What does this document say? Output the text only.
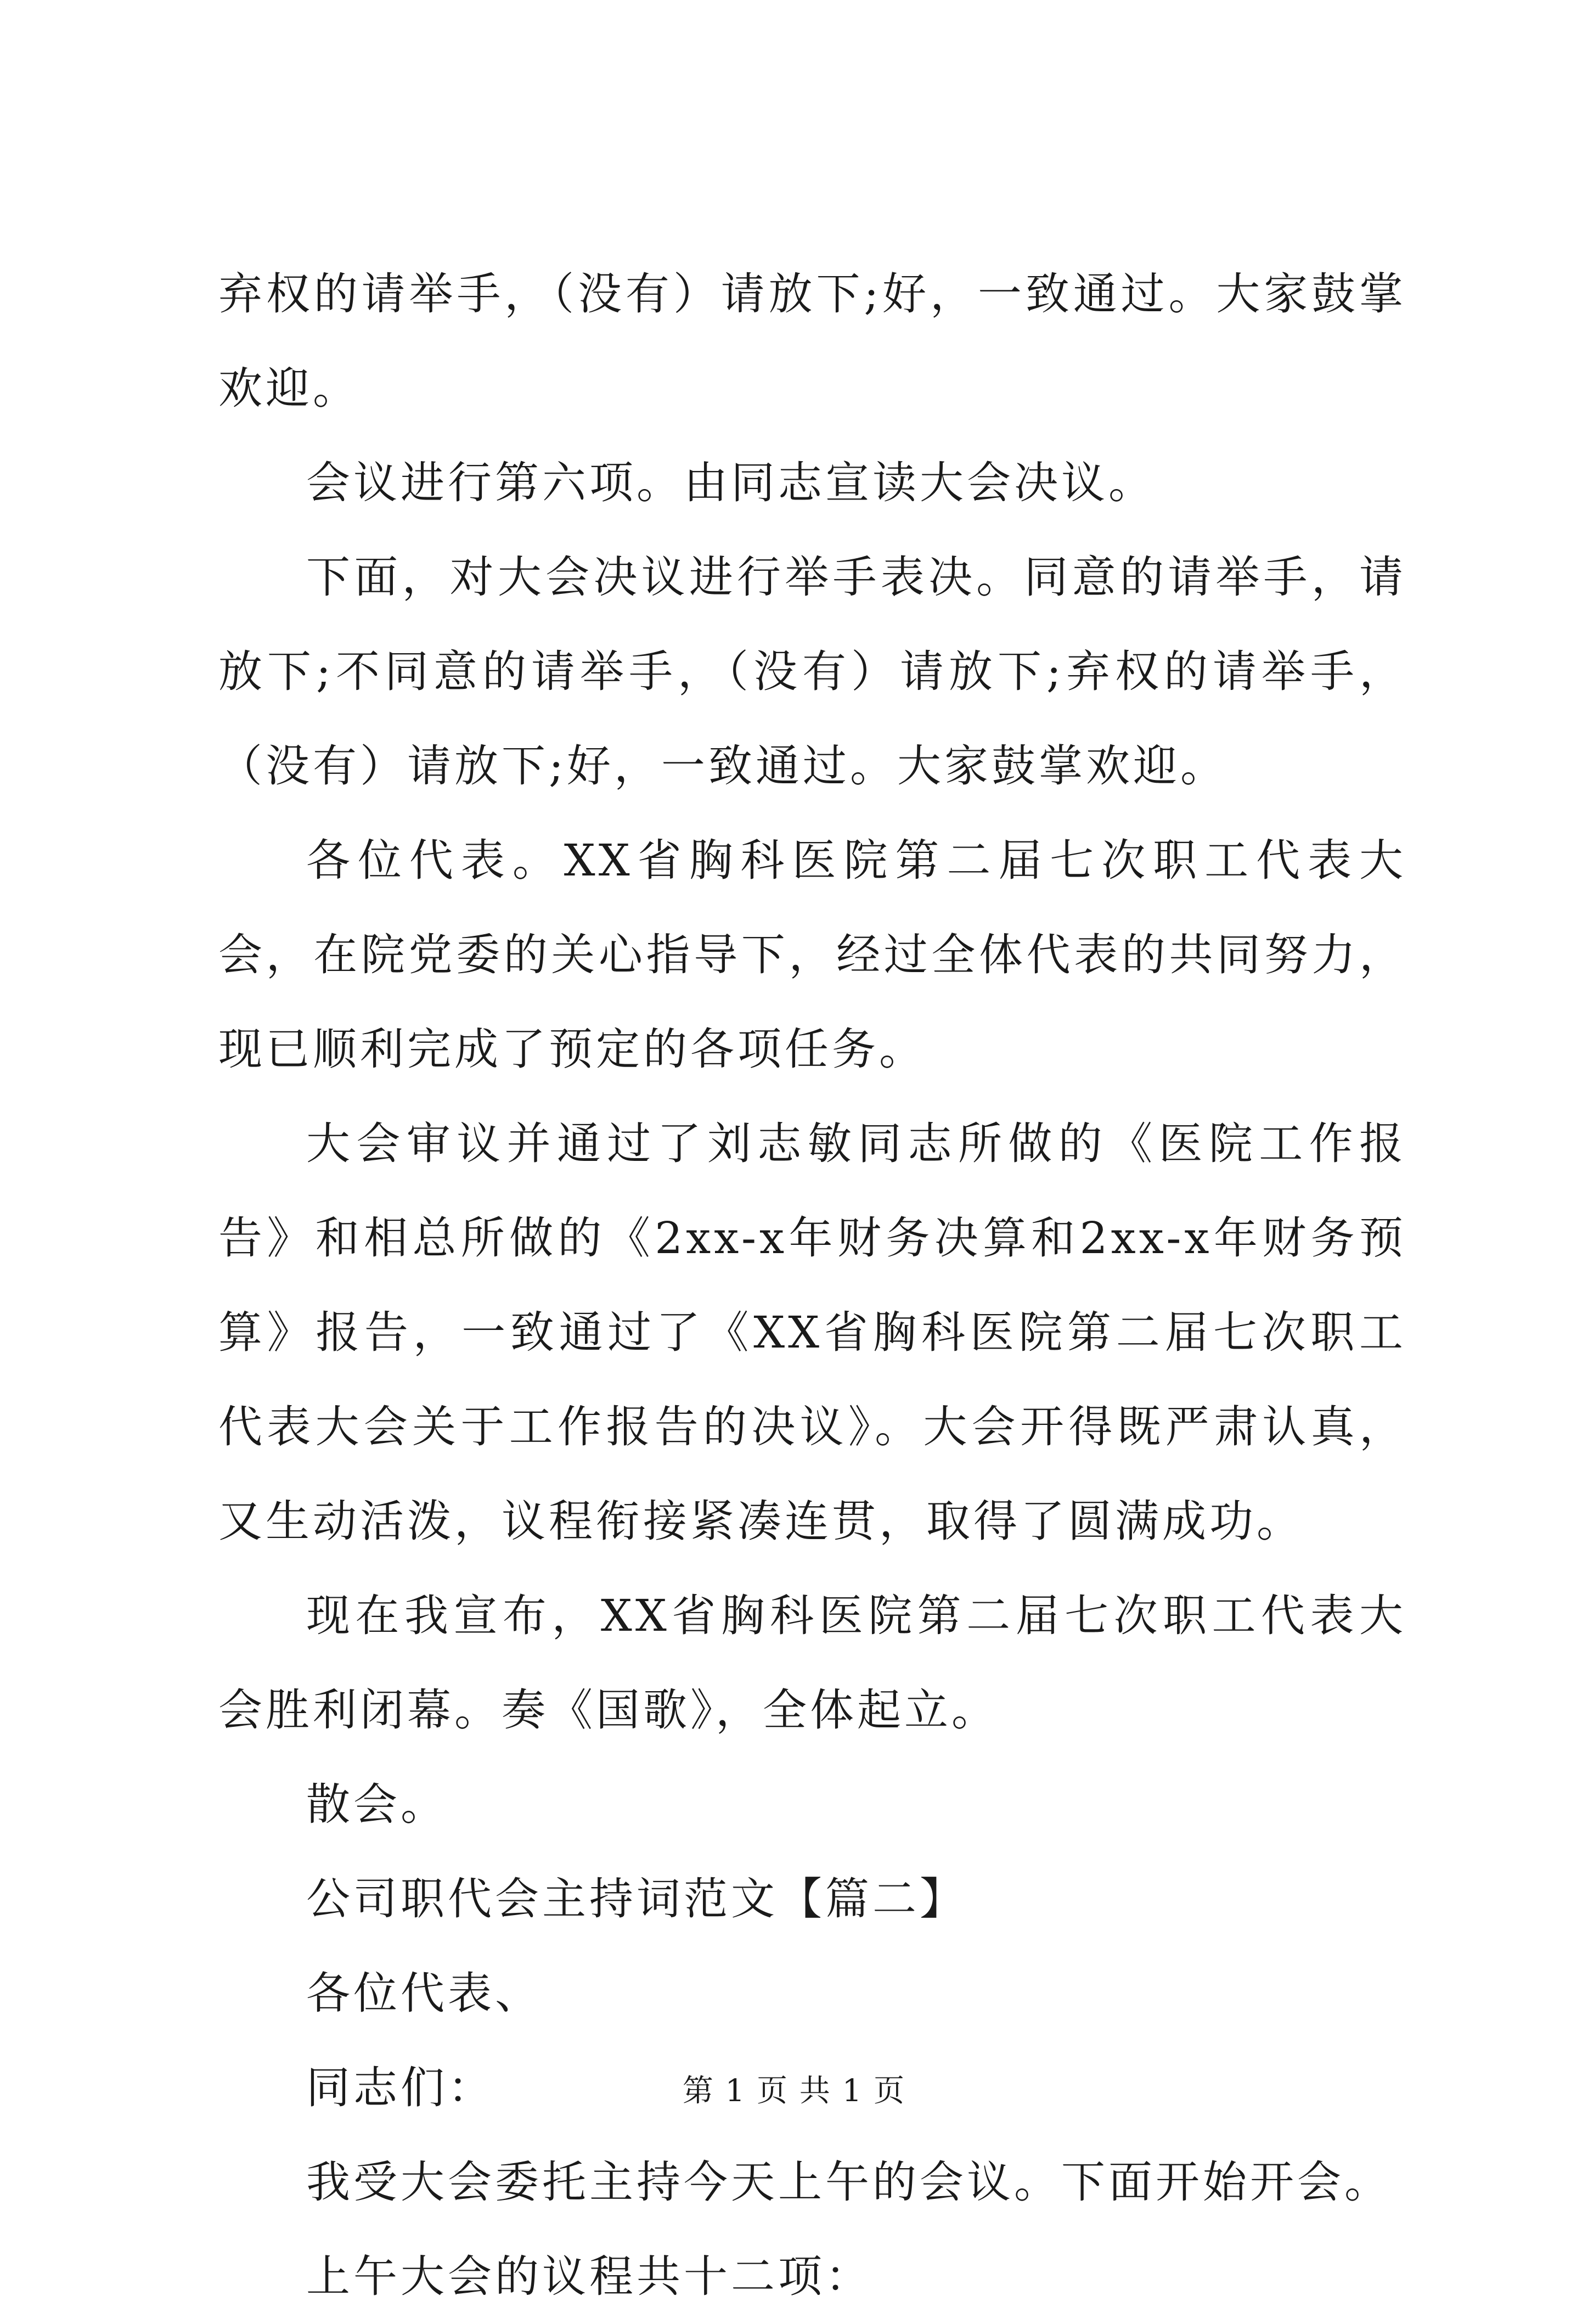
弃权的请举手，（没有）请放下;好，一致通过。大家鼓掌欢迎。

会议进行第六项。由同志宣读大会决议。

下面，对大会决议进行举手表决。同意的请举手，请放下;不同意的请举手，（没有）请放下;弃权的请举手，（没有）请放下;好，一致通过。大家鼓掌欢迎。

各位代表。XX省胸科医院第二届七次职工代表大会，在院党委的关心指导下，经过全体代表的共同努力，现已顺利完成了预定的各项任务。

大会审议并通过了刘志敏同志所做的《医院工作报告》和相总所做的《2xx-x年财务决算和2xx-x年财务预算》报告，一致通过了《XX省胸科医院第二届七次职工代表大会关于工作报告的决议》。大会开得既严肃认真，又生动活泼，议程衔接紧凑连贯，取得了圆满成功。

现在我宣布，XX省胸科医院第二届七次职工代表大会胜利闭幕。奏《国歌》，全体起立。

散会。

公司职代会主持词范文【篇二】

各位代表、

同志们：

我受大会委托主持今天上午的会议。下面开始开会。

上午大会的议程共十二项：

第 1 页 共 1 页
